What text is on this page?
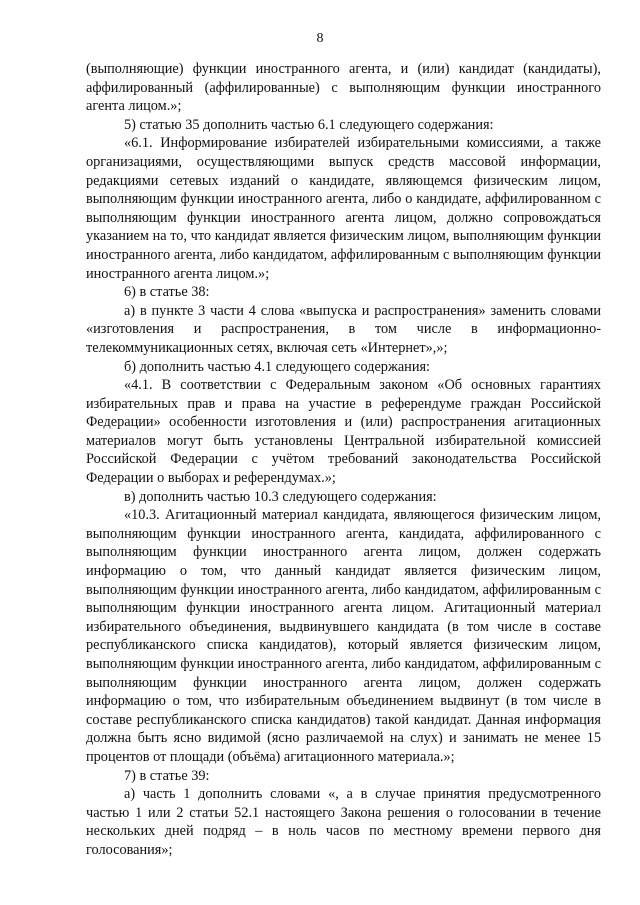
8

(выполняющие) функции иностранного агента, и (или) кандидат (кандидаты), аффилированный (аффилированные) с выполняющим функции иностранного агента лицом.»;

5) статью 35 дополнить частью 6.1 следующего содержания:

«6.1. Информирование избирателей избирательными комиссиями, а также организациями, осуществляющими выпуск средств массовой информации, редакциями сетевых изданий о кандидате, являющемся физическим лицом, выполняющим функции иностранного агента, либо о кандидате, аффилированном с выполняющим функции иностранного агента лицом, должно сопровождаться указанием на то, что кандидат является физическим лицом, выполняющим функции иностранного агента, либо кандидатом, аффилированным с выполняющим функции иностранного агента лицом.»;

6) в статье 38:

а) в пункте 3 части 4 слова «выпуска и распространения» заменить словами «изготовления и распространения, в том числе в информационно-телекоммуникационных сетях, включая сеть «Интернет»,»;

б) дополнить частью 4.1 следующего содержания:

«4.1. В соответствии с Федеральным законом «Об основных гарантиях избирательных прав и права на участие в референдуме граждан Российской Федерации» особенности изготовления и (или) распространения агитационных материалов могут быть установлены Центральной избирательной комиссией Российской Федерации с учётом требований законодательства Российской Федерации о выборах и референдумах.»;

в) дополнить частью 10.3 следующего содержания:

«10.3. Агитационный материал кандидата, являющегося физическим лицом, выполняющим функции иностранного агента, кандидата, аффилированного с выполняющим функции иностранного агента лицом, должен содержать информацию о том, что данный кандидат является физическим лицом, выполняющим функции иностранного агента, либо кандидатом, аффилированным с выполняющим функции иностранного агента лицом. Агитационный материал избирательного объединения, выдвинувшего кандидата (в том числе в составе республиканского списка кандидатов), который является физическим лицом, выполняющим функции иностранного агента, либо кандидатом, аффилированным с выполняющим функции иностранного агента лицом, должен содержать информацию о том, что избирательным объединением выдвинут (в том числе в составе республиканского списка кандидатов) такой кандидат. Данная информация должна быть ясно видимой (ясно различаемой на слух) и занимать не менее 15 процентов от площади (объёма) агитационного материала.»;

7) в статье 39:

а) часть 1 дополнить словами «, а в случае принятия предусмотренного частью 1 или 2 статьи 52.1 настоящего Закона решения о голосовании в течение нескольких дней подряд – в ноль часов по местному времени первого дня голосования»;
